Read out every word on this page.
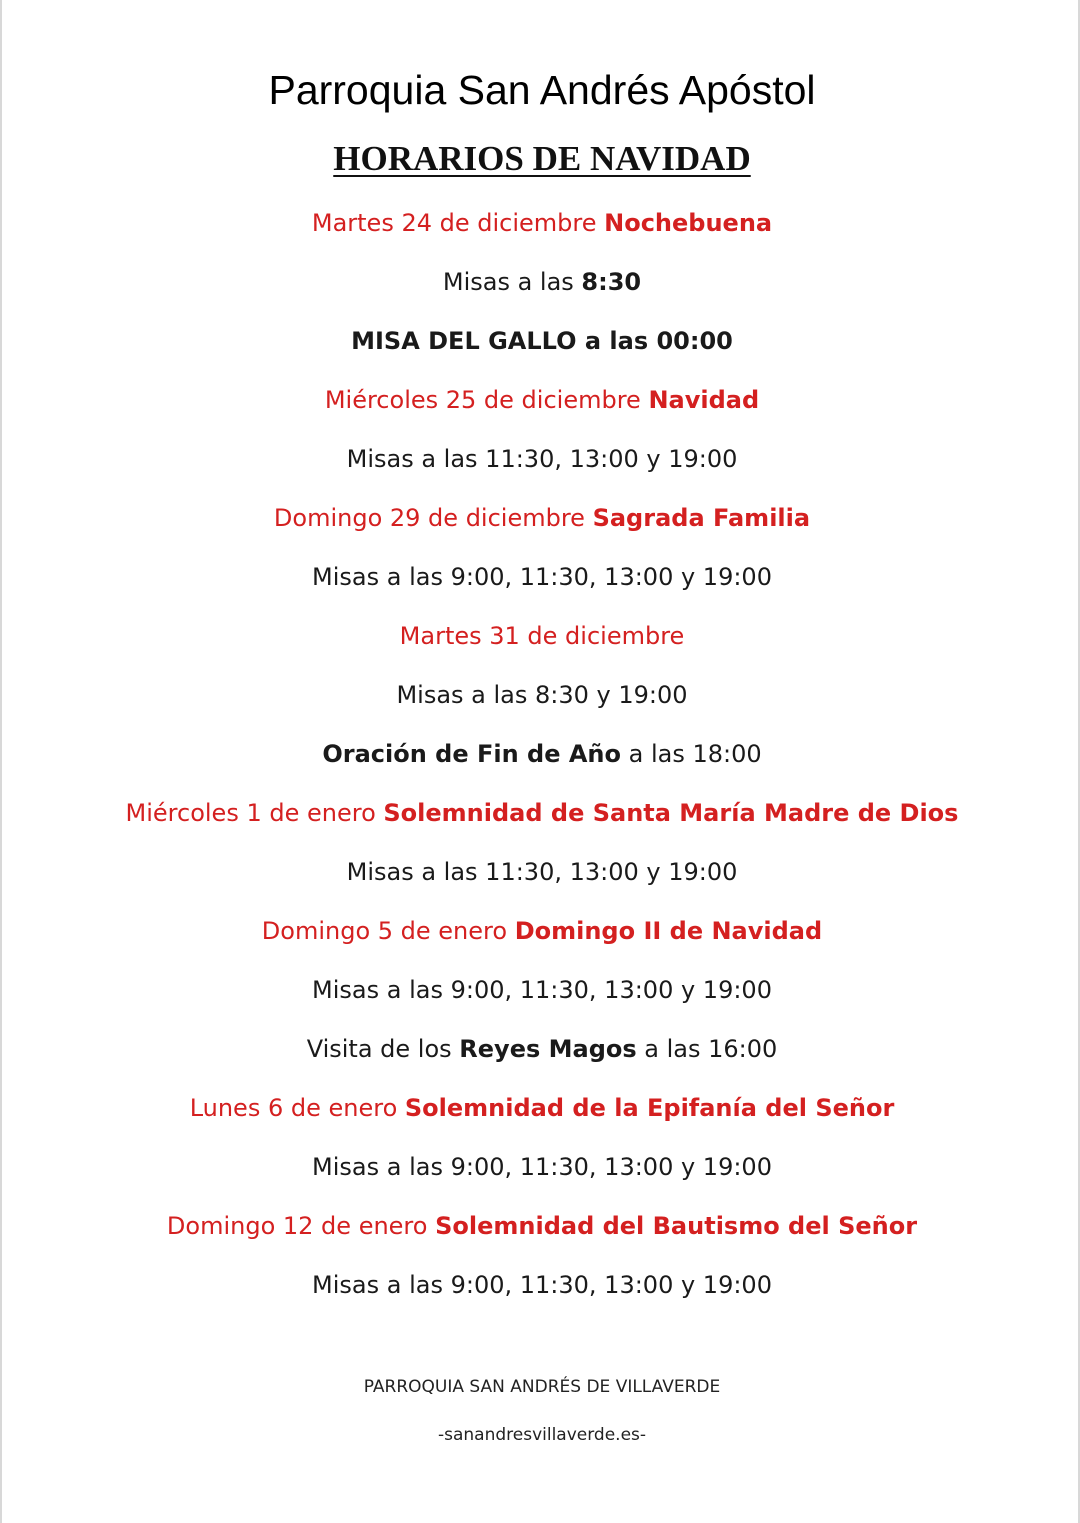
Parroquia San Andrés Apóstol
HORARIOS DE NAVIDAD
Martes 24 de diciembre Nochebuena
Misas a las 8:30
MISA DEL GALLO a las 00:00
Miércoles 25 de diciembre Navidad
Misas a las 11:30, 13:00 y 19:00
Domingo 29 de diciembre Sagrada Familia
Misas a las 9:00, 11:30, 13:00 y 19:00
Martes 31 de diciembre
Misas a las 8:30 y 19:00
Oración de Fin de Año a las 18:00
Miércoles 1 de enero Solemnidad de Santa María Madre de Dios
Misas a las 11:30, 13:00 y 19:00
Domingo 5 de enero Domingo II de Navidad
Misas a las 9:00, 11:30, 13:00 y 19:00
Visita de los Reyes Magos a las 16:00
Lunes 6 de enero Solemnidad de la Epifanía del Señor
Misas a las 9:00, 11:30, 13:00 y 19:00
Domingo 12 de enero Solemnidad del Bautismo del Señor
Misas a las 9:00, 11:30, 13:00 y 19:00
PARROQUIA SAN ANDRÉS DE VILLAVERDE
-sanandresvillaverde.es-
